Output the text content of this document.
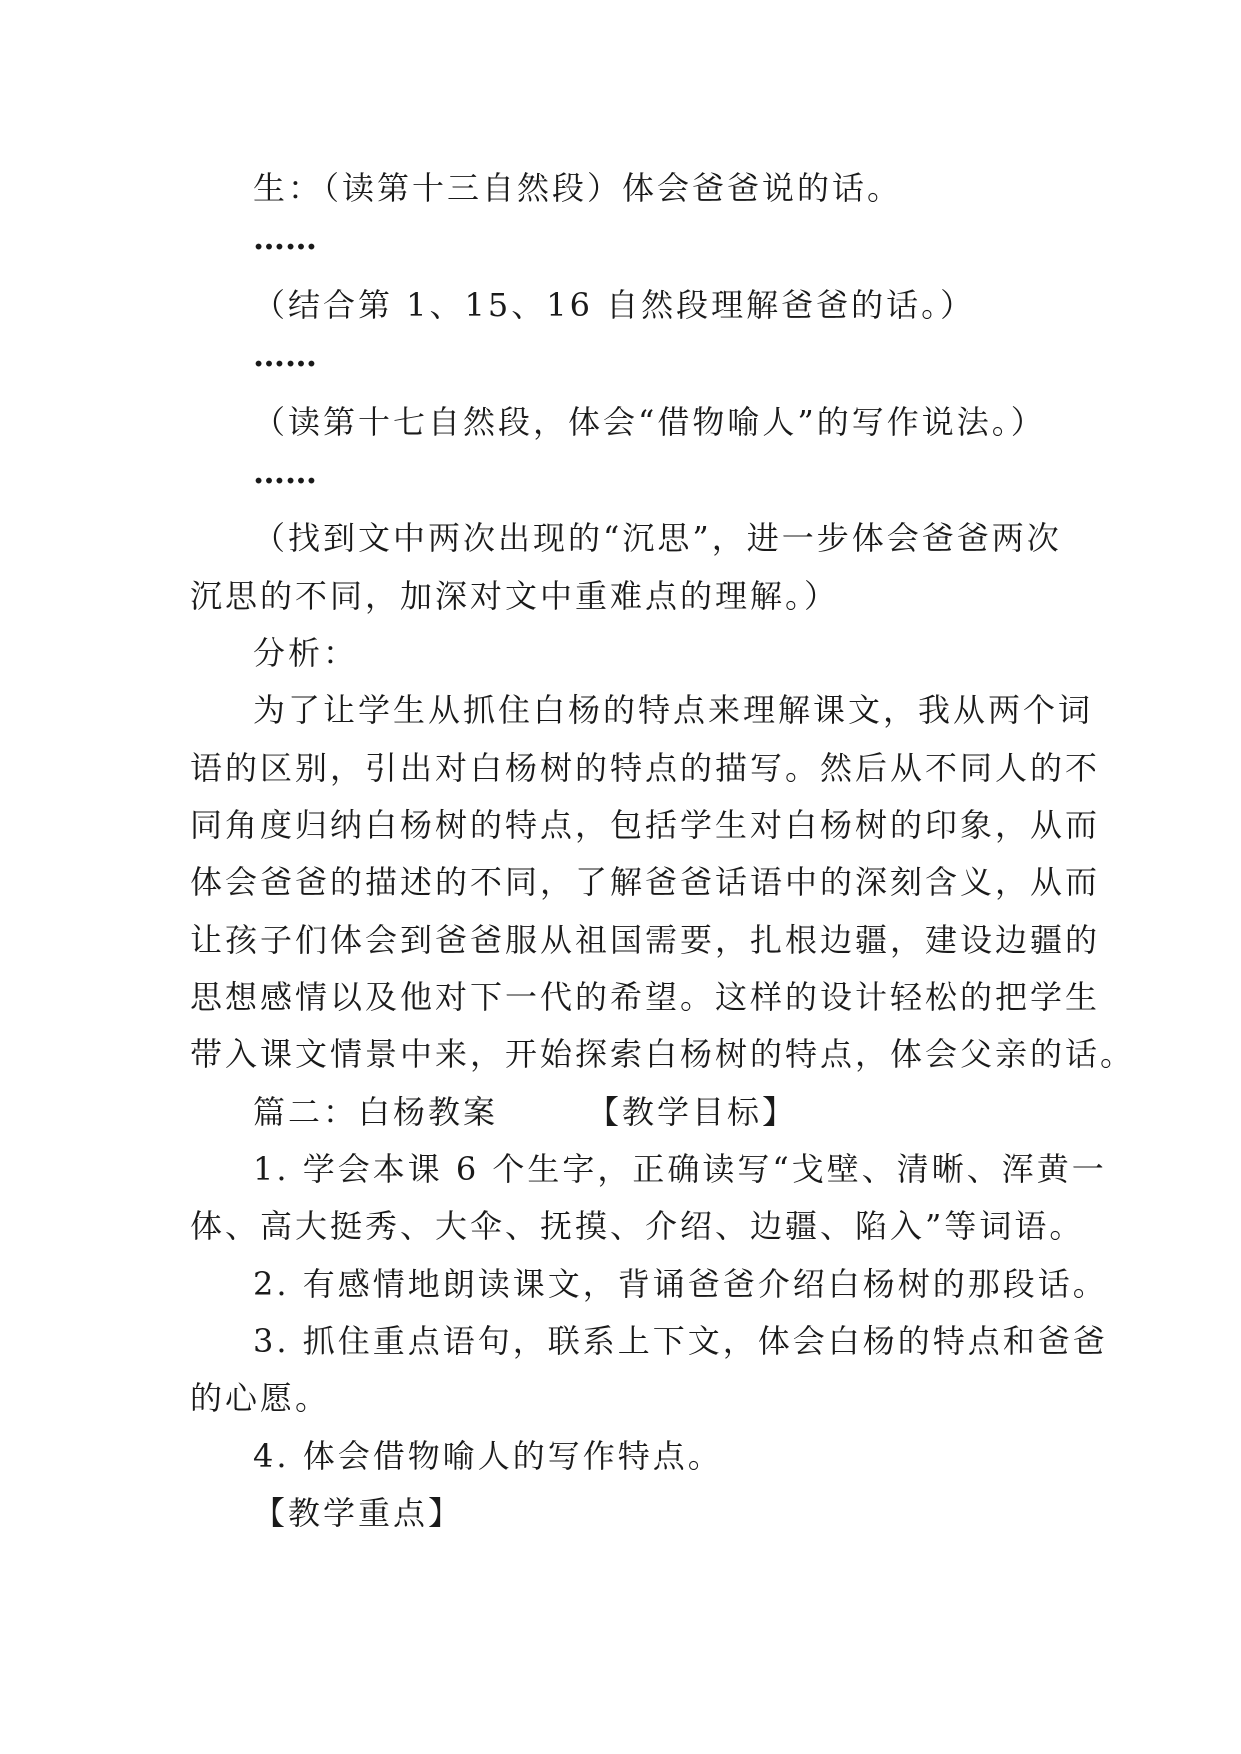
生：（读第十三自然段）体会爸爸说的话。
……
（结合第 1、15、16 自然段理解爸爸的话。）
……
（读第十七自然段，体会“借物喻人”的写作说法。）
……
（找到文中两次出现的“沉思”，进一步体会爸爸两次
沉思的不同，加深对文中重难点的理解。）
分析：
为了让学生从抓住白杨的特点来理解课文，我从两个词
语的区别，引出对白杨树的特点的描写。然后从不同人的不
同角度归纳白杨树的特点，包括学生对白杨树的印象，从而
体会爸爸的描述的不同，了解爸爸话语中的深刻含义，从而
让孩子们体会到爸爸服从祖国需要，扎根边疆，建设边疆的
思想感情以及他对下一代的希望。这样的设计轻松的把学生
带入课文情景中来，开始探索白杨树的特点，体会父亲的话。
篇二：白杨教案　　　【教学目标】
1. 学会本课 6 个生字，正确读写“戈壁、清晰、浑黄一
体、高大挺秀、大伞、抚摸、介绍、边疆、陷入”等词语。
2. 有感情地朗读课文，背诵爸爸介绍白杨树的那段话。
3. 抓住重点语句，联系上下文，体会白杨的特点和爸爸
的心愿。
4. 体会借物喻人的写作特点。
【教学重点】
